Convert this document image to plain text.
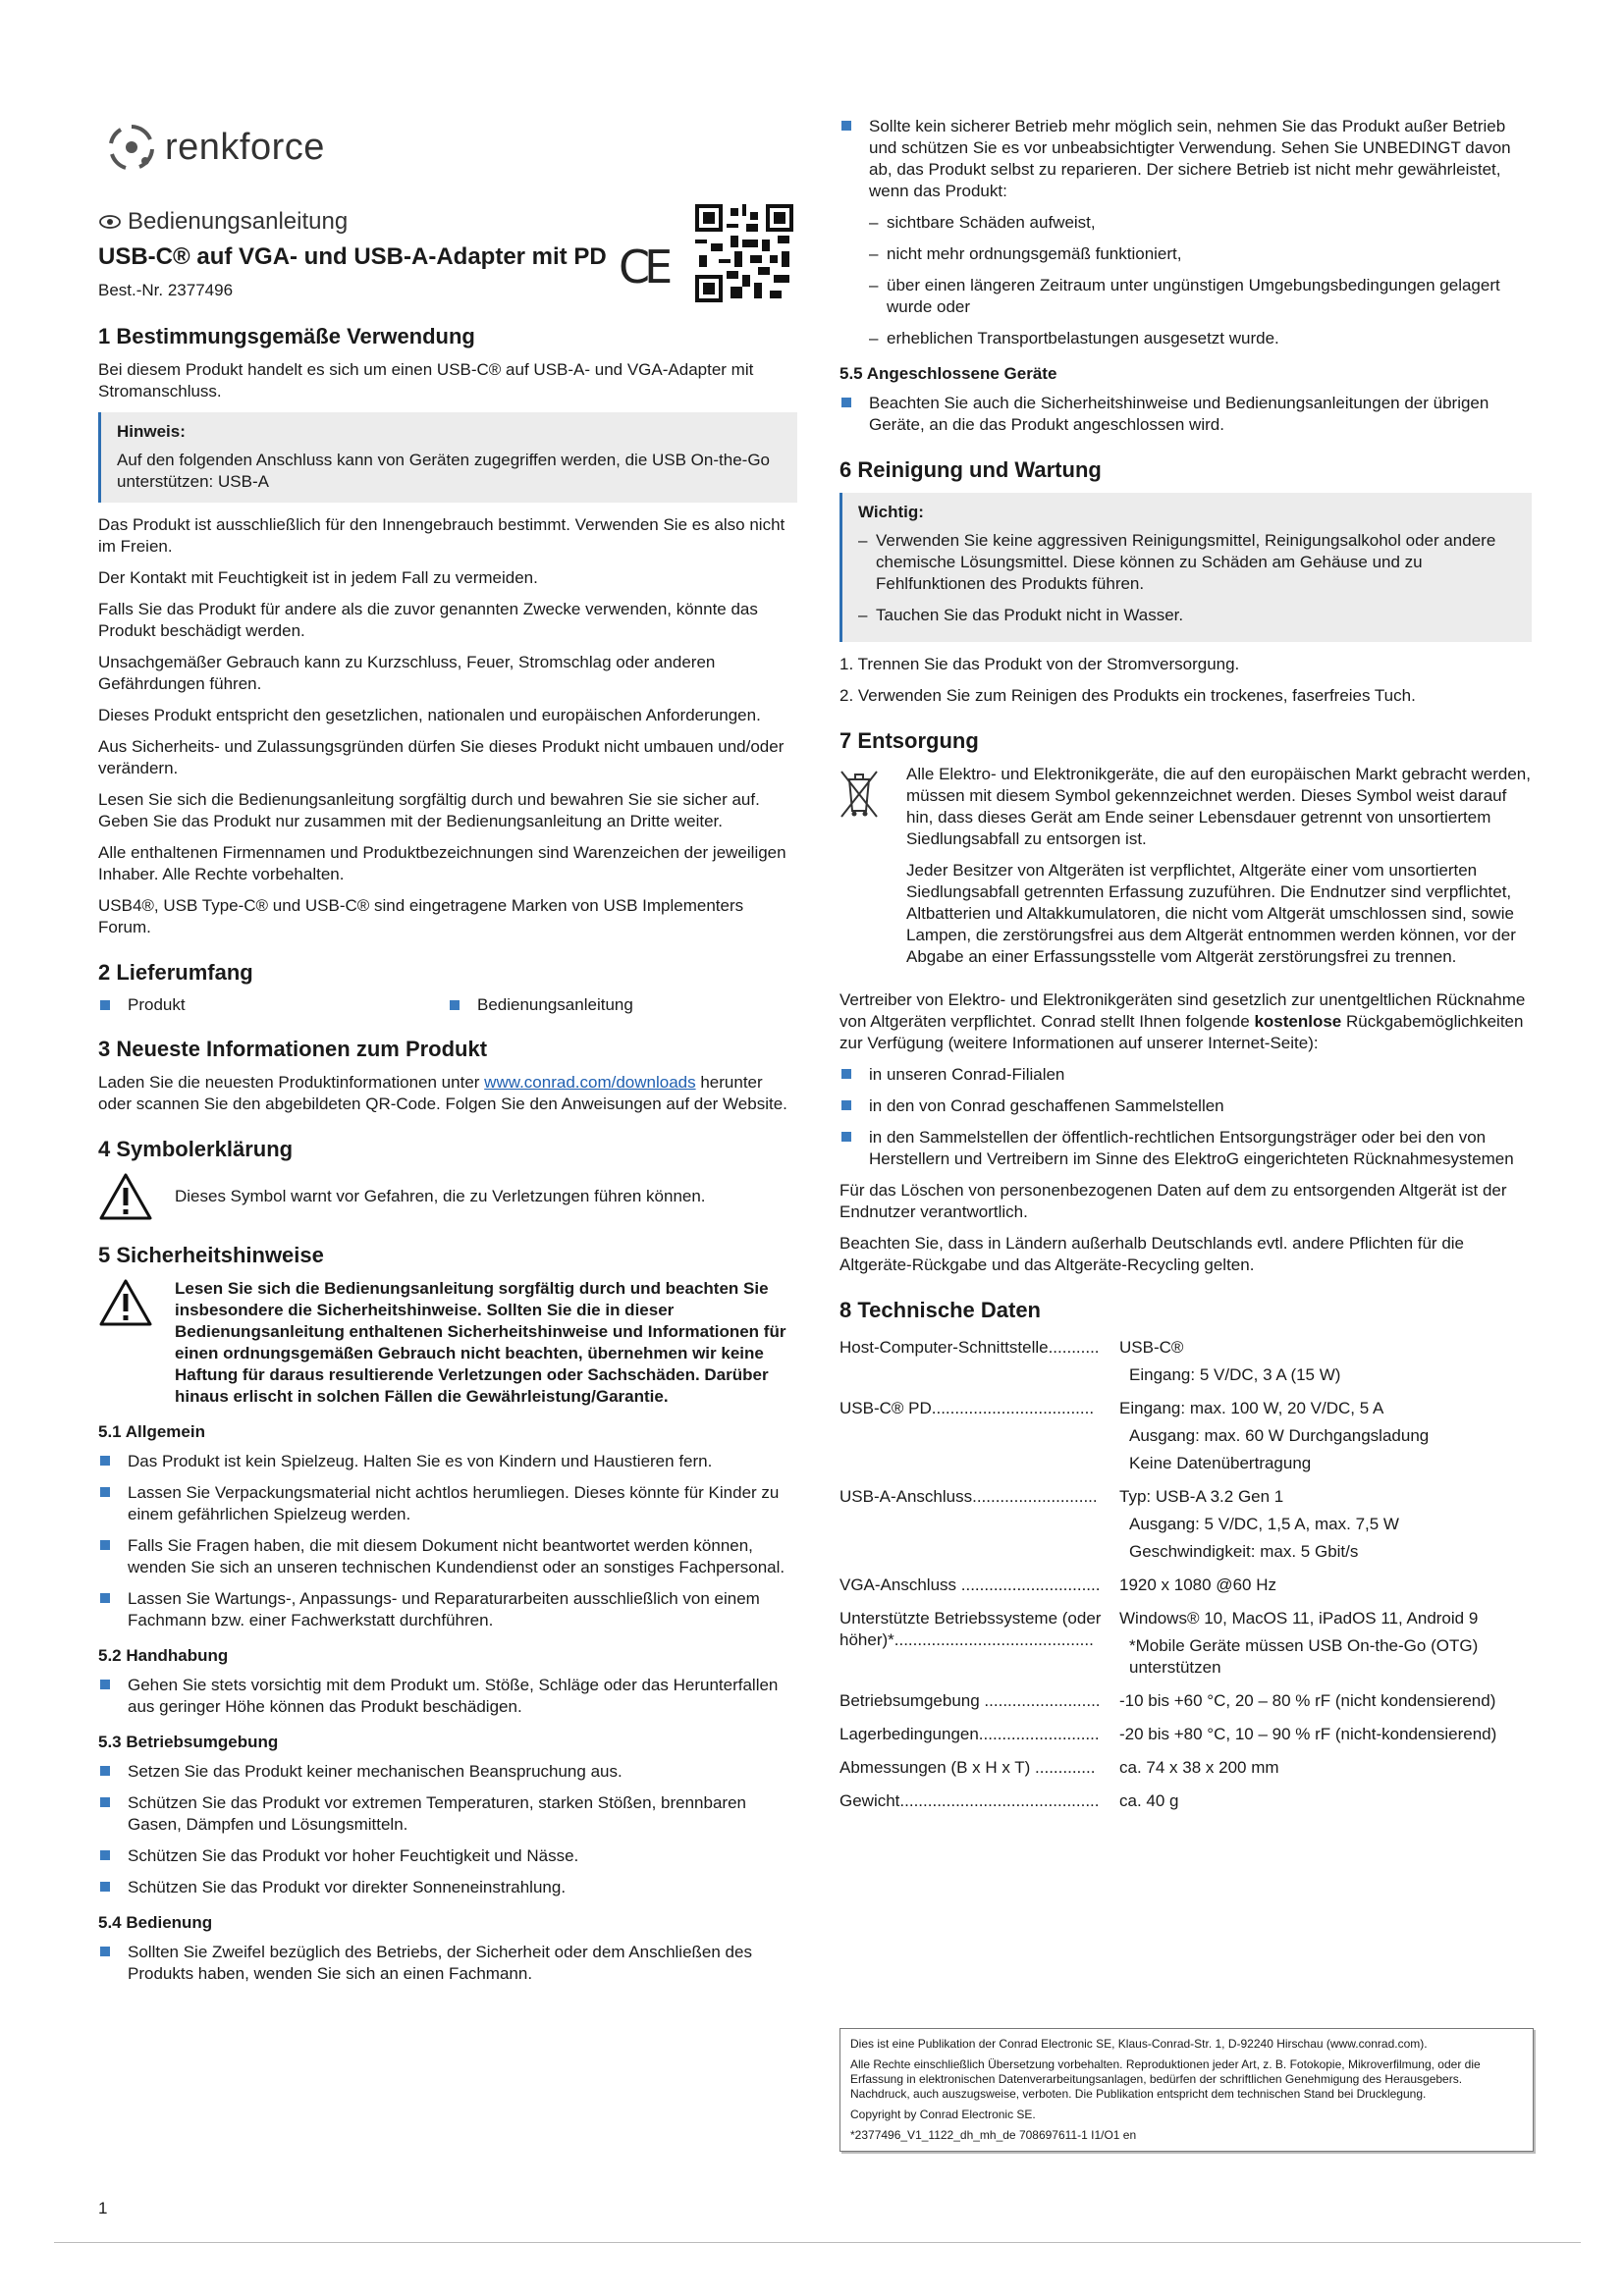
renkforce
Bedienungsanleitung
USB-C® auf VGA- und USB-A-Adapter mit PD
Best.-Nr. 2377496	CE
1 Bestimmungsgemäße Verwendung

Bei diesem Produkt handelt es sich um einen USB-C® auf USB-A- und VGA-Adapter mit Stromanschluss.

Hinweis:

Auf den folgenden Anschluss kann von Geräten zugegriffen werden, die USB On-the-Go unterstützen: USB-A

Das Produkt ist ausschließlich für den Innengebrauch bestimmt. Verwenden Sie es also nicht im Freien.

Der Kontakt mit Feuchtigkeit ist in jedem Fall zu vermeiden.

Falls Sie das Produkt für andere als die zuvor genannten Zwecke verwenden, könnte das Produkt beschädigt werden.

Unsachgemäßer Gebrauch kann zu Kurzschluss, Feuer, Stromschlag oder anderen Gefährdungen führen.

Dieses Produkt entspricht den gesetzlichen, nationalen und europäischen Anforderungen.

Aus Sicherheits- und Zulassungsgründen dürfen Sie dieses Produkt nicht umbauen und/oder verändern.

Lesen Sie sich die Bedienungsanleitung sorgfältig durch und bewahren Sie sie sicher auf. Geben Sie das Produkt nur zusammen mit der Bedienungsanleitung an Dritte weiter.

Alle enthaltenen Firmennamen und Produktbezeichnungen sind Warenzeichen der jeweiligen Inhaber. Alle Rechte vorbehalten.

USB4®, USB Type-C® und USB-C® sind eingetragene Marken von USB Implementers Forum.

2 Lieferumfang
Produkt	Bedienungsanleitung
3 Neueste Informationen zum Produkt

Laden Sie die neuesten Produktinformationen unter www.conrad.com/downloads herunter oder scannen Sie den abgebildeten QR-Code. Folgen Sie den Anweisungen auf der Website.

4 Symbolerklärung
Dieses Symbol warnt vor Gefahren, die zu Verletzungen führen können.
5 Sicherheitshinweise
Lesen Sie sich die Bedienungsanleitung sorgfältig durch und beachten Sie insbesondere die Sicherheitshinweise. Sollten Sie die in dieser Bedienungsanleitung enthaltenen Sicherheitshinweise und Informationen für einen ordnungsgemäßen Gebrauch nicht beachten, übernehmen wir keine Haftung für daraus resultierende Verletzungen oder Sachschäden. Darüber hinaus erlischt in solchen Fällen die Gewährleistung/Garantie.
5.1 Allgemein
Das Produkt ist kein Spielzeug. Halten Sie es von Kindern und Haustieren fern.
Lassen Sie Verpackungsmaterial nicht achtlos herumliegen. Dieses könnte für Kinder zu einem gefährlichen Spielzeug werden.
Falls Sie Fragen haben, die mit diesem Dokument nicht beantwortet werden können, wenden Sie sich an unseren technischen Kundendienst oder an sonstiges Fachpersonal.
Lassen Sie Wartungs-, Anpassungs- und Reparaturarbeiten ausschließlich von einem Fachmann bzw. einer Fachwerkstatt durchführen.
5.2 Handhabung
Gehen Sie stets vorsichtig mit dem Produkt um. Stöße, Schläge oder das Herunterfallen aus geringer Höhe können das Produkt beschädigen.
5.3 Betriebsumgebung
Setzen Sie das Produkt keiner mechanischen Beanspruchung aus.
Schützen Sie das Produkt vor extremen Temperaturen, starken Stößen, brennbaren Gasen, Dämpfen und Lösungsmitteln.
Schützen Sie das Produkt vor hoher Feuchtigkeit und Nässe.
Schützen Sie das Produkt vor direkter Sonneneinstrahlung.
5.4 Bedienung
Sollten Sie Zweifel bezüglich des Betriebs, der Sicherheit oder dem Anschließen des Produkts haben, wenden Sie sich an einen Fachmann.
Sollte kein sicherer Betrieb mehr möglich sein, nehmen Sie das Produkt außer Betrieb und schützen Sie es vor unbeabsichtigter Verwendung. Sehen Sie UNBEDINGT davon ab, das Produkt selbst zu reparieren. Der sichere Betrieb ist nicht mehr gewährleistet, wenn das Produkt:
– sichtbare Schäden aufweist,
– nicht mehr ordnungsgemäß funktioniert,
– über einen längeren Zeitraum unter ungünstigen Umgebungsbedingungen gelagert wurde oder
– erheblichen Transportbelastungen ausgesetzt wurde.
5.5 Angeschlossene Geräte
Beachten Sie auch die Sicherheitshinweise und Bedienungsanleitungen der übrigen Geräte, an die das Produkt angeschlossen wird.
6 Reinigung und Wartung
Wichtig:
– Verwenden Sie keine aggressiven Reinigungsmittel, Reinigungsalkohol oder andere chemische Lösungsmittel. Diese können zu Schäden am Gehäuse und zu Fehlfunktionen des Produkts führen.
– Tauchen Sie das Produkt nicht in Wasser.

1. Trennen Sie das Produkt von der Stromversorgung.

2. Verwenden Sie zum Reinigen des Produkts ein trockenes, faserfreies Tuch.

7 Entsorgung

Alle Elektro- und Elektronikgeräte, die auf den europäischen Markt gebracht werden, müssen mit diesem Symbol gekennzeichnet werden. Dieses Symbol weist darauf hin, dass dieses Gerät am Ende seiner Lebensdauer getrennt von unsortiertem Siedlungsabfall zu entsorgen ist.

Jeder Besitzer von Altgeräten ist verpflichtet, Altgeräte einer vom unsortierten Siedlungsabfall getrennten Erfassung zuzuführen. Die Endnutzer sind verpflichtet, Altbatterien und Altakkumulatoren, die nicht vom Altgerät umschlossen sind, sowie Lampen, die zerstörungsfrei aus dem Altgerät entnommen werden können, vor der Abgabe an einer Erfassungsstelle vom Altgerät zerstörungsfrei zu trennen.

Vertreiber von Elektro- und Elektronikgeräten sind gesetzlich zur unentgeltlichen Rücknahme von Altgeräten verpflichtet. Conrad stellt Ihnen folgende kostenlose Rückgabemöglichkeiten zur Verfügung (weitere Informationen auf unserer Internet-Seite):

in unseren Conrad-Filialen
in den von Conrad geschaffenen Sammelstellen
in den Sammelstellen der öffentlich-rechtlichen Entsorgungsträger oder bei den von Herstellern und Vertreibern im Sinne des ElektroG eingerichteten Rücknahmesystemen

Für das Löschen von personenbezogenen Daten auf dem zu entsorgenden Altgerät ist der Endnutzer verantwortlich.

Beachten Sie, dass in Ländern außerhalb Deutschlands evtl. andere Pflichten für die Altgeräte-Rückgabe und das Altgeräte-Recycling gelten.

8 Technische Daten
Host-Computer-Schnittstelle...........	USB-C®
Eingang: 5 V/DC, 3 A (15 W)

USB-C® PD...................................	Eingang: max. 100 W, 20 V/DC, 5 A
Ausgang: max. 60 W Durchgangsladung
Keine Datenübertragung

USB-A-Anschluss...........................	Typ: USB-A 3.2 Gen 1
Ausgang: 5 V/DC, 1,5 A, max. 7,5 W
Geschwindigkeit: max. 5 Gbit/s

VGA-Anschluss ..............................	1920 x 1080 @60 Hz

Unterstützte Betriebssysteme (oder höher)*...........................................	Windows® 10, MacOS 11, iPadOS 11, Android 9
*Mobile Geräte müssen USB On-the-Go (OTG) unterstützen

Betriebsumgebung .........................	-10 bis +60 °C, 20 – 80 % rF (nicht kondensierend)

Lagerbedingungen..........................	-20 bis +80 °C, 10 – 90 % rF (nicht-kondensierend)

Abmessungen (B x H x T) .............	ca. 74 x 38 x 200 mm

Gewicht...........................................	ca. 40 g

Dies ist eine Publikation der Conrad Electronic SE, Klaus-Conrad-Str. 1, D-92240 Hirschau (www.conrad.com).

Alle Rechte einschließlich Übersetzung vorbehalten. Reproduktionen jeder Art, z. B. Fotokopie, Mikroverfilmung, oder die Erfassung in elektronischen Datenverarbeitungsanlagen, bedürfen der schriftlichen Genehmigung des Herausgebers. Nachdruck, auch auszugsweise, verboten. Die Publikation entspricht dem technischen Stand bei Drucklegung.

Copyright by Conrad Electronic SE.

*2377496_V1_1122_dh_mh_de 708697611-1 I1/O1 en

1
